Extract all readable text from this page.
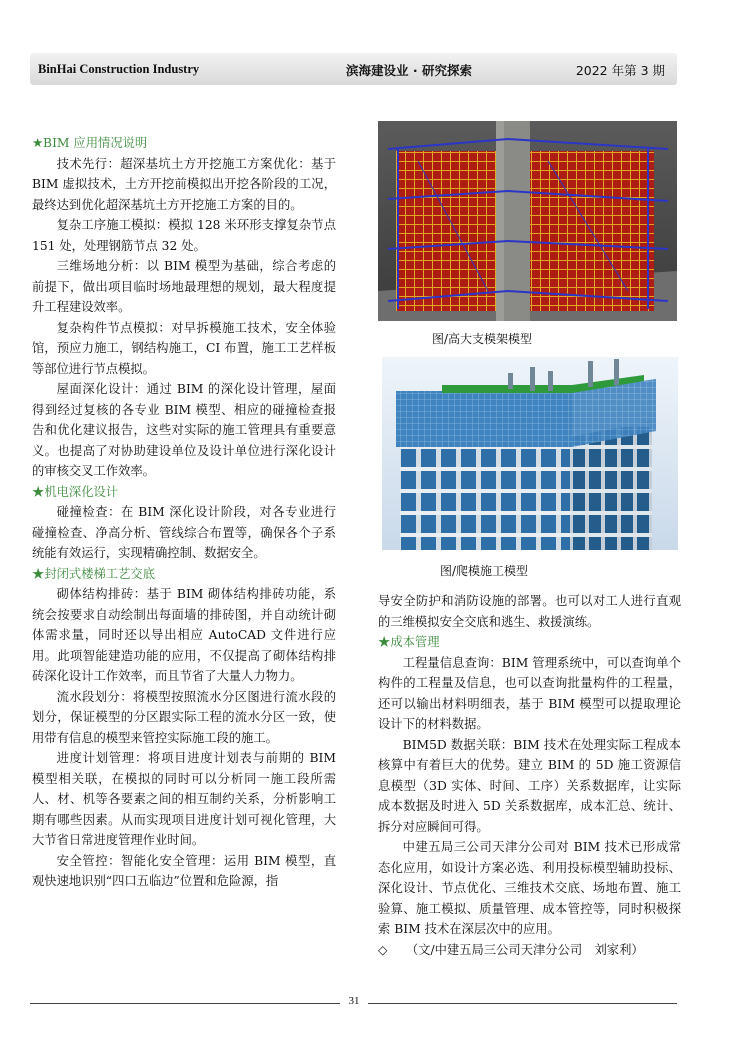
BinHai Construction Industry	滨海建设业 · 研究探索	2022 年第 3 期

★BIM 应用情况说明

技术先行：超深基坑土方开挖施工方案优化：基于 BIM 虚拟技术，土方开挖前模拟出开挖各阶段的工况，最终达到优化超深基坑土方开挖施工方案的目的。

复杂工序施工模拟：模拟 128 米环形支撑复杂节点 151 处，处理钢筋节点 32 处。

三维场地分析：以 BIM 模型为基础，综合考虑的前提下，做出项目临时场地最理想的规划，最大程度提升工程建设效率。

复杂构件节点模拟：对早拆模施工技术，安全体验馆，预应力施工，钢结构施工，CI 布置，施工工艺样板等部位进行节点模拟。

屋面深化设计：通过 BIM 的深化设计管理，屋面得到经过复核的各专业 BIM 模型、相应的碰撞检查报告和优化建议报告，这些对实际的施工管理具有重要意义。也提高了对协助建设单位及设计单位进行深化设计的审核交叉工作效率。

★机电深化设计

碰撞检查：在 BIM 深化设计阶段，对各专业进行碰撞检查、净高分析、管线综合布置等，确保各个子系统能有效运行，实现精确控制、数据安全。

★封闭式楼梯工艺交底

砌体结构排砖：基于 BIM 砌体结构排砖功能，系统会按要求自动绘制出每面墙的排砖图，并自动统计砌体需求量，同时还以导出相应 AutoCAD 文件进行应用。此项智能建造功能的应用，不仅提高了砌体结构排砖深化设计工作效率，而且节省了大量人力物力。

流水段划分：将模型按照流水分区图进行流水段的划分，保证模型的分区跟实际工程的流水分区一致，使用带有信息的模型来管控实际施工段的施工。

进度计划管理：将项目进度计划表与前期的 BIM 模型相关联，在模拟的同时可以分析同一施工段所需人、材、机等各要素之间的相互制约关系，分析影响工期有哪些因素。从而实现项目进度计划可视化管理，大大节省日常进度管理作业时间。

安全管控：智能化安全管理：运用 BIM 模型，直观快速地识别“四口五临边”位置和危险源，指

图/高大支模架模型
图/爬模施工模型

导安全防护和消防设施的部署。也可以对工人进行直观的三维模拟安全交底和逃生、救援演练。

★成本管理

工程量信息查询：BIM 管理系统中，可以查询单个构件的工程量及信息，也可以查询批量构件的工程量，还可以输出材料明细表，基于 BIM 模型可以提取理论设计下的材料数据。

BIM5D 数据关联：BIM 技术在处理实际工程成本核算中有着巨大的优势。建立 BIM 的 5D 施工资源信息模型（3D 实体、时间、工序）关系数据库，让实际成本数据及时进入 5D 关系数据库，成本汇总、统计、拆分对应瞬间可得。

中建五局三公司天津分公司对 BIM 技术已形成常态化应用，如设计方案必选、利用投标模型辅助投标、深化设计、节点优化、三维技术交底、场地布置、施工验算、施工模拟、质量管理、成本管控等，同时积极探索 BIM 技术在深层次中的应用。

◇　　（文/中建五局三公司天津分公司　刘家利）

31
